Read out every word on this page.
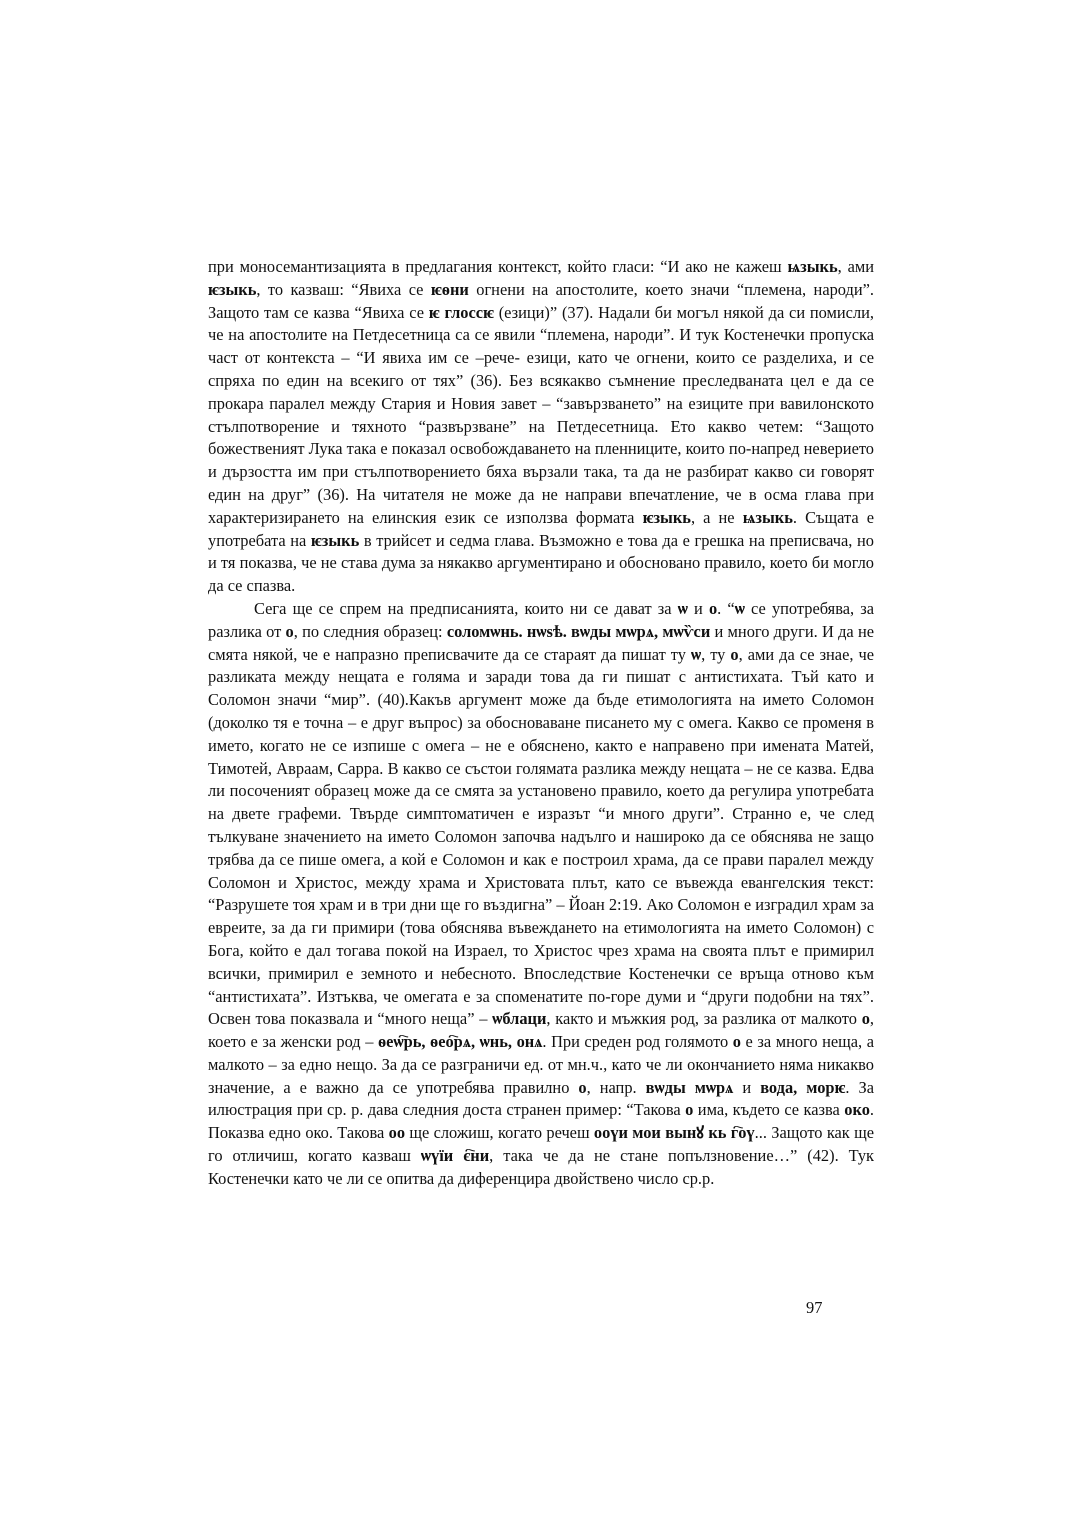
при моносемантизацията в предлагания контекст, който гласи: “И ако не кажеш ѩзыкь, ами ѥзыкь, то казваш: “Явиха се ѥѳни огнени на апостолите, което значи “племена, народи”. Защото там се казва “Явиха се ѥ глоссѥ (езици)” (37). Надали би могъл някой да си помисли, че на апостолите на Петдесетница са се явили “племена, народи”. И тук Костенечки пропуска част от контекста – “И явиха им се –рече- езици, като че огнени, които се разделиха, и се спряха по един на всекиго от тях” (36). Без всякакво съмнение преследваната цел е да се прокара паралел между Стария и Новия завет – “завързването” на езиците при вавилонското стълпотворение и тяхното “развързване” на Петдесетница. Ето какво четем: “Защото божественият Лука така е показал освобождаването на пленниците, които по-напред неверието и дързостта им при стълпотворението бяха вързали така, та да не разбират какво си говорят един на друг” (36). На читателя не може да не направи впечатление, че в осма глава при характеризирането на елинския език се използва формата ѥзыкь, а не ѩзыкь. Същата е употребата на ѥзыкь в трийсет и седма глава. Възможно е това да е грешка на преписвача, но и тя показва, че не става дума за някакво аргументирано и обосновано правило, което би могло да се спазва.

Сега ще се спрем на предписанията, които ни се дават за ѡ и о. “ѡ се употребява, за разлика от о, по следния образец: соломѡнь. нѡѕѣ. вѡды мѡрѧ, мѡѷси и много други. И да не смята някой, че е напразно преписвачите да се стараят да пишат ту ѡ, ту о, ами да се знае, че разликата между нещата е голяма и заради това да ги пишат с антистихата. Тъй като и Соломон значи “мир”. (40).Какъв аргумент може да бъде етимологията на името Соломон (доколко тя е точна – е друг въпрос) за обосноваване писането му с омега. Какво се променя в името, когато не се изпише с омега – не е обяснено, както е направено при имената Матей, Тимотей, Авраам, Сарра. В какво се състои голямата разлика между нещата – не се казва. Едва ли посоченият образец може да се смята за установено правило, което да регулира употребата на двете графеми. Твърде симптоматичен е изразът “и много други”. Странно е, че след тълкуване значението на името Соломон започва надълго и нашироко да се обяснява не защо трябва да се пише омега, а кой е Соломон и как е построил храма, да се прави паралел между Соломон и Христос, между храма и Христовата плът, като се въвежда евангелския текст: “Разрушете тоя храм и в три дни ще го въздигна” – Йоан 2:19. Ако Соломон е изградил храм за евреите, за да ги примири (това обяснява въвеждането на етимологията на името Соломон) с Бога, който е дал тогава покой на Израел, то Христос чрез храма на своята плът е примирил всички, примирил е земното и небесното. Впоследствие Костенечки се връща отново към “антистихата”. Изтъква, че омегата е за споменатите по-горе думи и “други подобни на тях”. Освен това показвала и “много неща” – ѡблаци, както и мъжкия род, за разлика от малкото о, което е за женски род – ѳеѡ҇рь, ѳео҇рѧ, ѡнь, онѧ. При среден род голямото о е за много неща, а малкото – за едно нещо. За да се разграничи ед. от мн.ч., като че ли окончанието няма никакво значение, а е важно да се употребява правилно о, напр. вѡды мѡрѧ и вода, морѥ. За илюстрация при ср. р. дава следния доста странен пример: “Такова о има, където се казва око. Показва едно око. Такова оо ще сложиш, когато речеш ооүи мои вынꙋ кь г҇оү... Защото как ще го отличиш, когато казваш ѡүїи є҇ни, така че да не стане попълзновение…” (42). Тук Костенечки като че ли се опитва да диференцира двойствено число ср.р.

97
